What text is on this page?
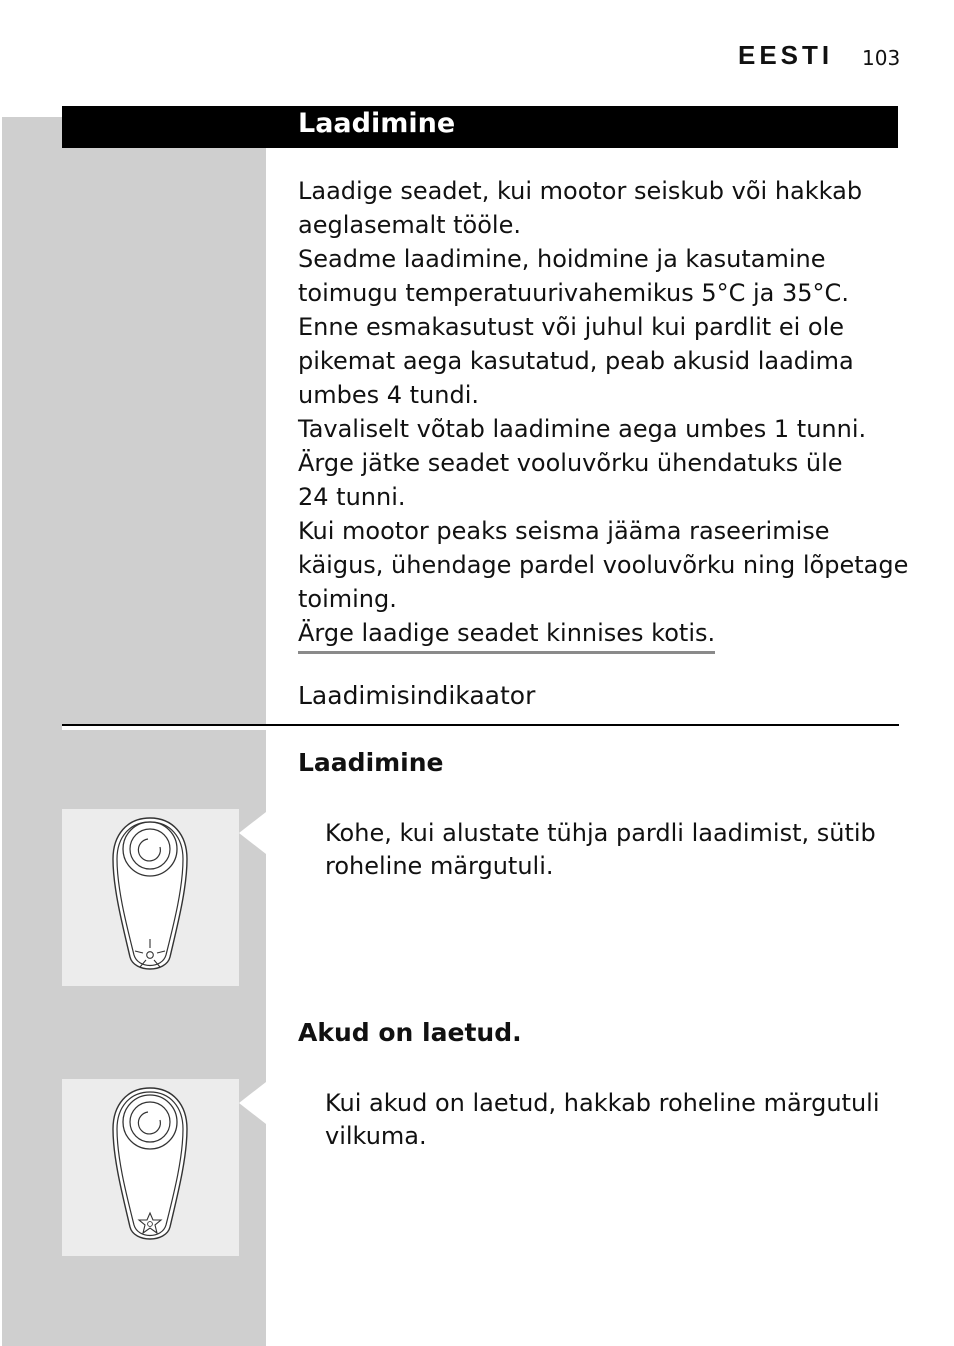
EESTI 103
Laadimine

Laadige seadet, kui mootor seiskub või hakkab

aeglasemalt tööle.

Seadme laadimine, hoidmine ja kasutamine

toimugu temperatuurivahemikus 5°C ja 35°C.

Enne esmakasutust või juhul kui pardlit ei ole

pikemat aega kasutatud, peab akusid laadima

umbes 4 tundi.

Tavaliselt võtab laadimine aega umbes 1 tunni.

Ärge jätke seadet vooluvõrku ühendatuks üle

24 tunni.

Kui mootor peaks seisma jääma raseerimise

käigus, ühendage pardel vooluvõrku ning lõpetage

toiming.

Ärge laadige seadet kinnises kotis.

Laadimisindikaator
Laadimine

Kohe, kui alustate tühja pardli laadimist, sütib

roheline märgutuli.

Akud on laetud.

Kui akud on laetud, hakkab roheline märgutuli

vilkuma.
